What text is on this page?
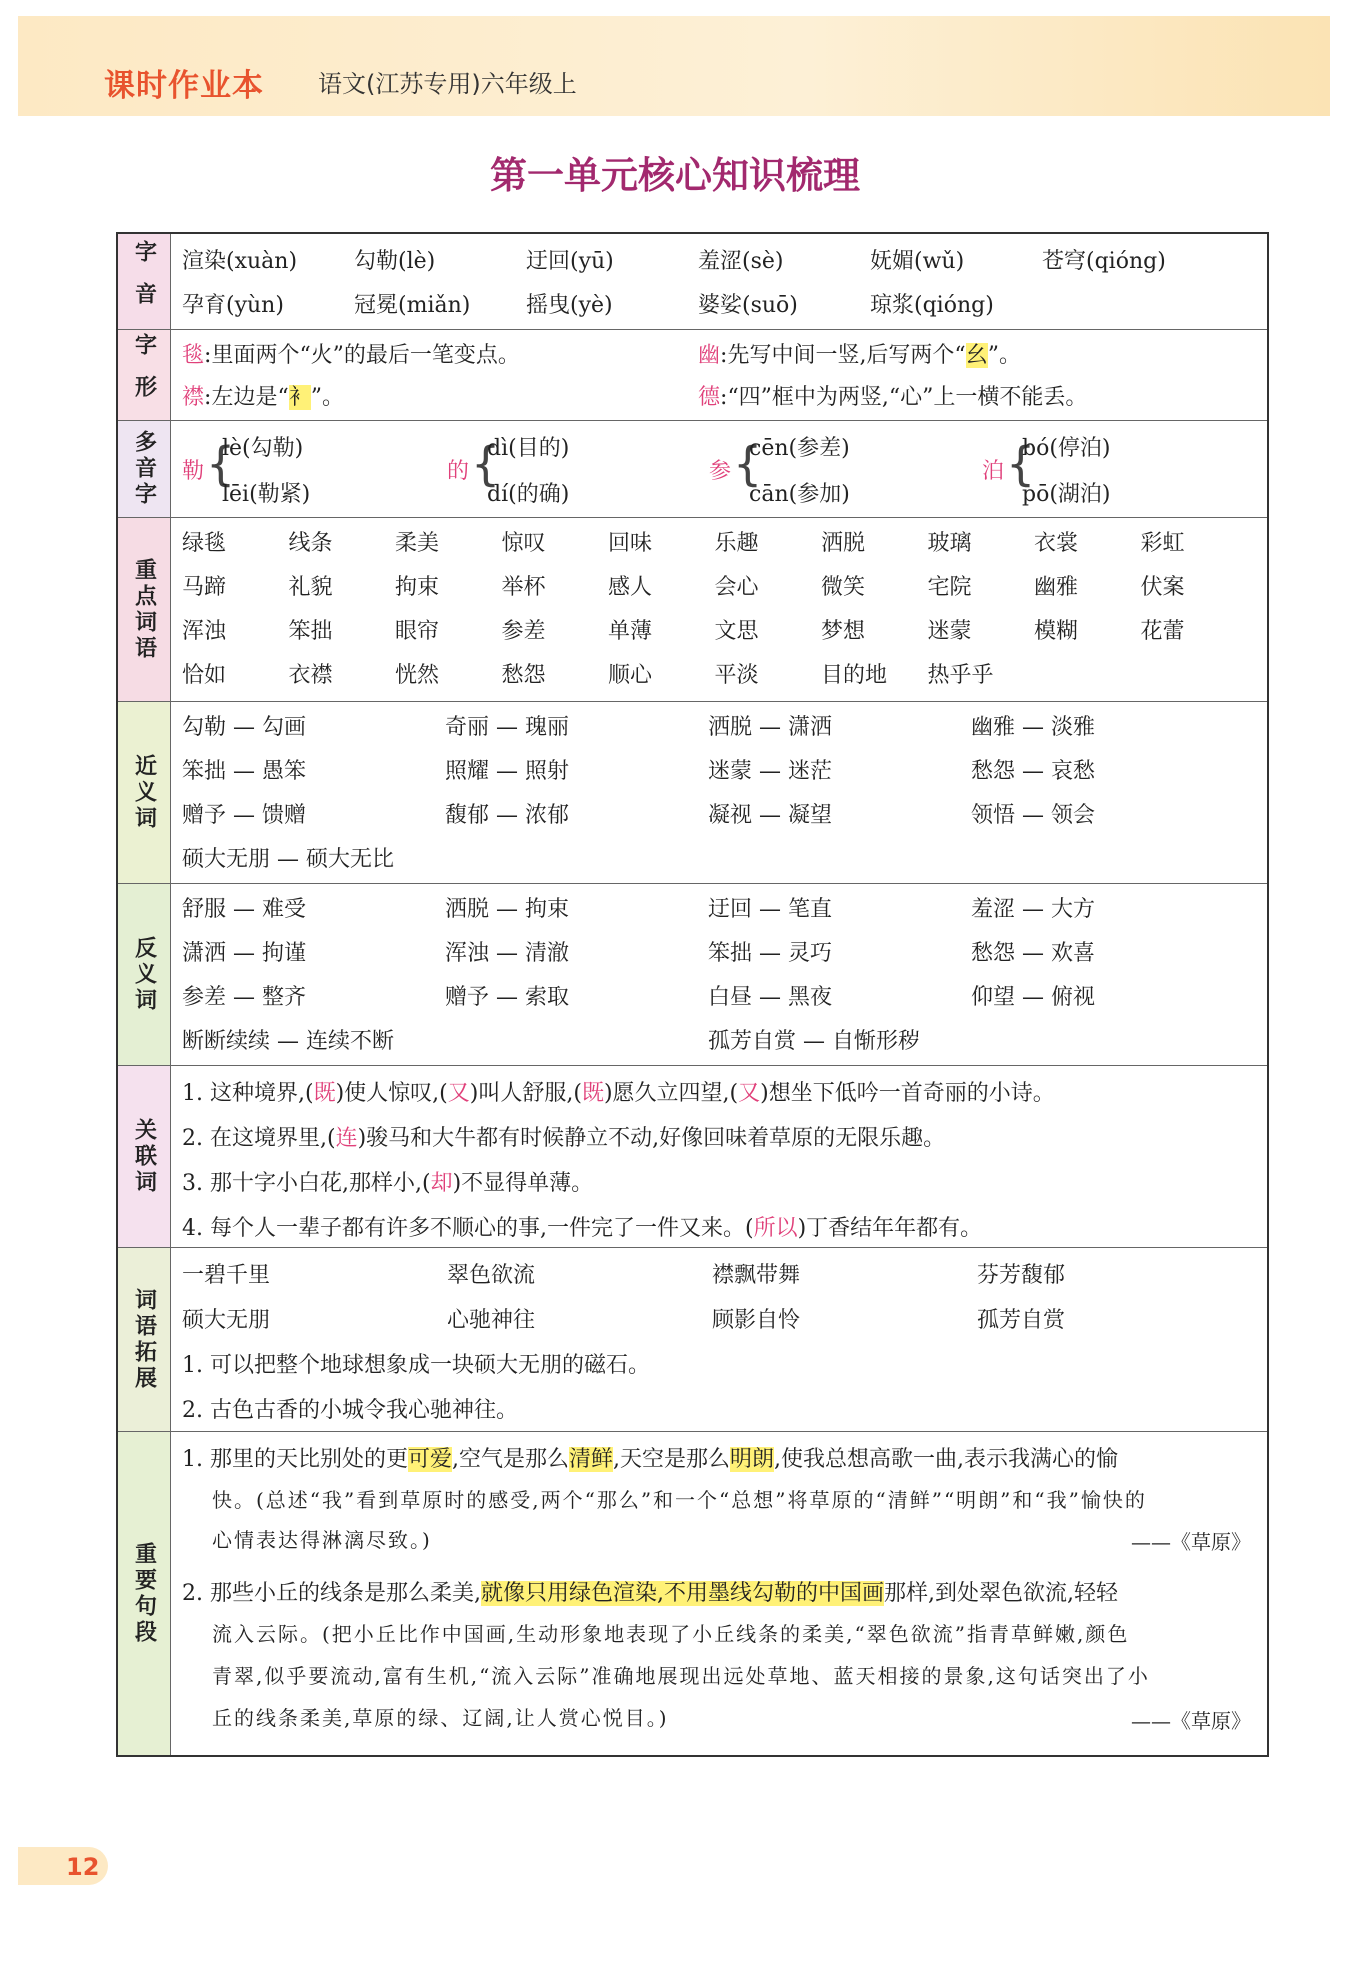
课时作业本 语文(江苏专用)六年级上
第一单元核心知识梳理
字音 渲染(xuàn)	勾勒(lè)	迂回(yū)	羞涩(sè)	妩媚(wǔ)	苍穹(qióng)
孕育(yùn)	冠冕(miǎn)	摇曳(yè)	婆娑(suō)	琼浆(qióng)
字形 毯:里面两个“火”的最后一笔变点。	幽:先写中间一竖,后写两个“幺”。
襟:左边是“衤”。	德:“四”框中为两竖,“心”上一横不能丢。
多音字 勒 {
lè(勾勒)
lēi(勒紧)
的 {
dì(目的)
dí(的确)
参 {
cēn(参差)
cān(参加)
泊 {
bó(停泊)
pō(湖泊)
重点词语
绿毯	线条	柔美	惊叹	回味	乐趣	洒脱	玻璃	衣裳	彩虹
马蹄	礼貌	拘束	举杯	感人	会心	微笑	宅院	幽雅	伏案
浑浊	笨拙	眼帘	参差	单薄	文思	梦想	迷蒙	模糊	花蕾
恰如	衣襟	恍然	愁怨	顺心	平淡	目的地 热乎乎
近义词
勾勒 — 勾画	奇丽 — 瑰丽	洒脱 — 潇洒	幽雅 — 淡雅
笨拙 — 愚笨	照耀 — 照射	迷蒙 — 迷茫	愁怨 — 哀愁
赠予 — 馈赠	馥郁 — 浓郁	凝视 — 凝望	领悟 — 领会
硕大无朋 — 硕大无比
反义词
舒服 — 难受	洒脱 — 拘束	迂回 — 笔直	羞涩 — 大方
潇洒 — 拘谨	浑浊 — 清澈	笨拙 — 灵巧	愁怨 — 欢喜
参差 — 整齐	赠予 — 索取	白昼 — 黑夜	仰望 — 俯视
断断续续 — 连续不断	孤芳自赏 — 自惭形秽
关联词
1. 这种境界,(既)使人惊叹,(又)叫人舒服,(既)愿久立四望,(又)想坐下低吟一首奇丽的小诗。
2. 在这境界里,(连)骏马和大牛都有时候静立不动,好像回味着草原的无限乐趣。
3. 那十字小白花,那样小,(却)不显得单薄。
4. 每个人一辈子都有许多不顺心的事,一件完了一件又来。(所以)丁香结年年都有。
词语拓展
一碧千里	翠色欲流	襟飘带舞	芬芳馥郁
硕大无朋	心驰神往	顾影自怜	孤芳自赏
1. 可以把整个地球想象成一块硕大无朋的磁石。
2. 古色古香的小城令我心驰神往。
重要句段
1. 那里的天比别处的更可爱,空气是那么清鲜,天空是那么明朗,使我总想高歌一曲,表示我满心的愉
快。(总述“我”看到草原时的感受,两个“那么”和一个“总想”将草原的“清鲜”“明朗”和“我”愉快的
心情表达得淋漓尽致。)	——《草原》
2. 那些小丘的线条是那么柔美,就像只用绿色渲染,不用墨线勾勒的中国画那样,到处翠色欲流,轻轻
流入云际。(把小丘比作中国画,生动形象地表现了小丘线条的柔美,“翠色欲流”指青草鲜嫩,颜色
青翠,似乎要流动,富有生机,“流入云际”准确地展现出远处草地、蓝天相接的景象,这句话突出了小
丘的线条柔美,草原的绿、辽阔,让人赏心悦目。)	——《草原》
12
